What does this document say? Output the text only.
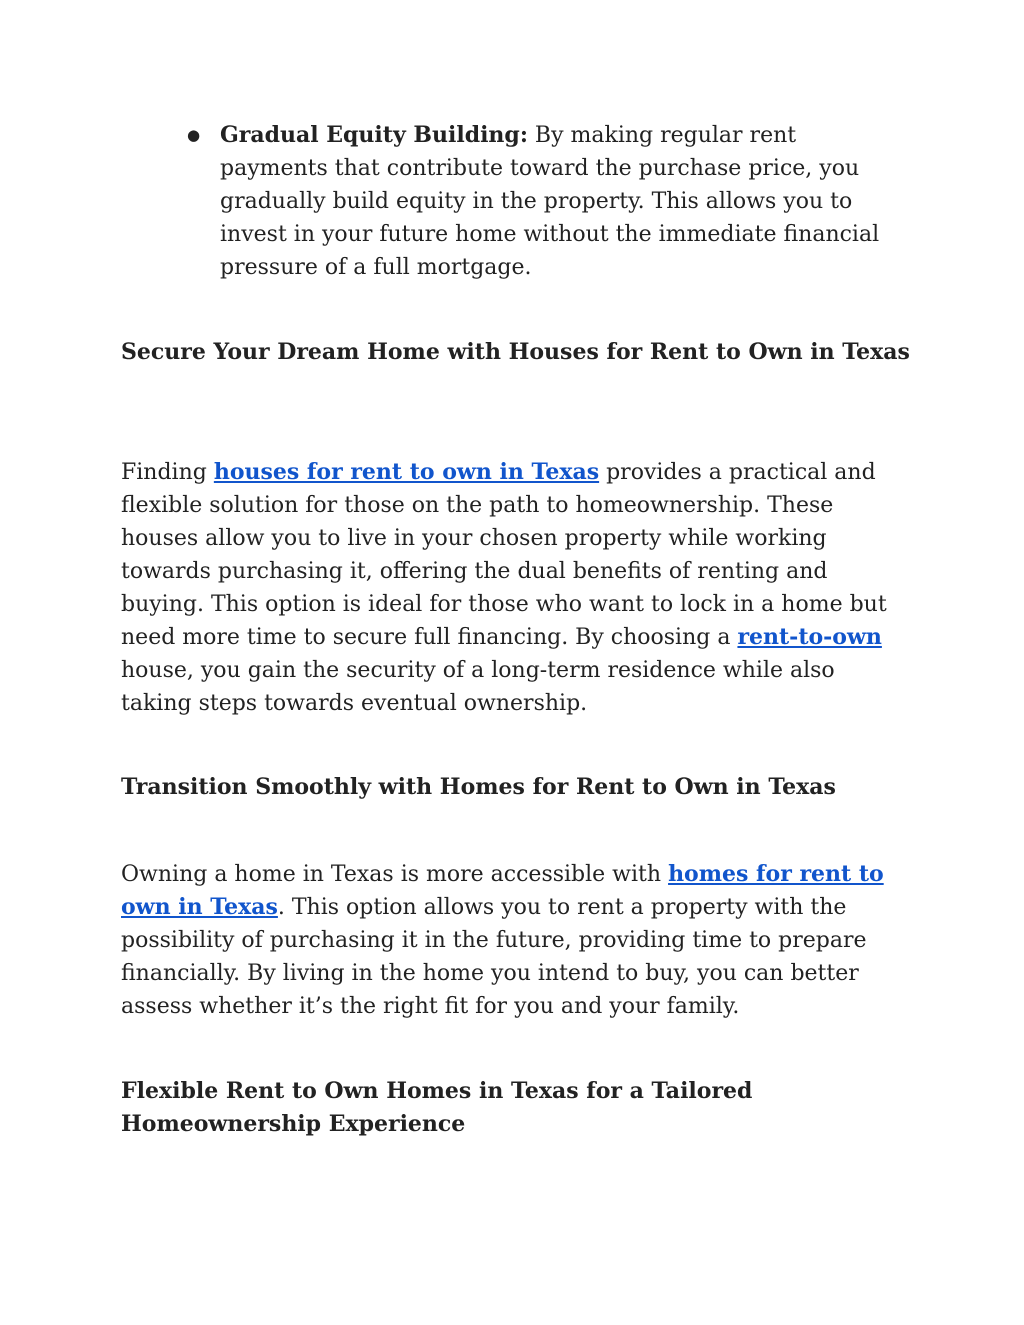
● Gradual Equity Building: By making regular rent payments that contribute toward the purchase price, you gradually build equity in the property. This allows you to invest in your future home without the immediate financial pressure of a full mortgage.
Secure Your Dream Home with Houses for Rent to Own in Texas
Finding houses for rent to own in Texas provides a practical and flexible solution for those on the path to homeownership. These houses allow you to live in your chosen property while working towards purchasing it, offering the dual benefits of renting and buying. This option is ideal for those who want to lock in a home but need more time to secure full financing. By choosing a rent-to-own house, you gain the security of a long-term residence while also taking steps towards eventual ownership.
Transition Smoothly with Homes for Rent to Own in Texas
Owning a home in Texas is more accessible with homes for rent to own in Texas. This option allows you to rent a property with the possibility of purchasing it in the future, providing time to prepare financially. By living in the home you intend to buy, you can better assess whether it’s the right fit for you and your family.
Flexible Rent to Own Homes in Texas for a Tailored Homeownership Experience
